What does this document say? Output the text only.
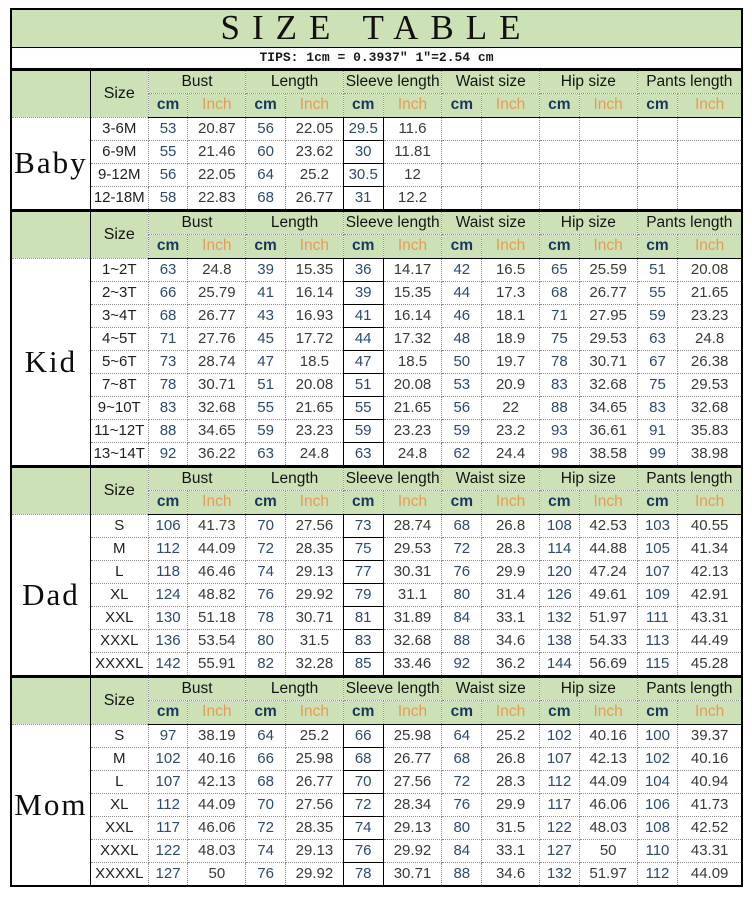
SIZE TABLE													
TIPS: 1cm = 0.3937″ 1″=2.54 cm													
	Size	Bust		Length		Sleeve length		Waist size		Hip size		Pants length	
		cm	Inch	cm	Inch	cm	Inch	cm	Inch	cm	Inch	cm	Inch
Baby	3-6M	53	20.87	56	22.05	29.5	11.6						
	6-9M	55	21.46	60	23.62	30	11.81						
	9-12M	56	22.05	64	25.2	30.5	12						
	12-18M	58	22.83	68	26.77	31	12.2						
	Size	Bust		Length		Sleeve length		Waist size		Hip size		Pants length	
		cm	Inch	cm	Inch	cm	Inch	cm	Inch	cm	Inch	cm	Inch
Kid	1~2T	63	24.8	39	15.35	36	14.17	42	16.5	65	25.59	51	20.08
	2~3T	66	25.79	41	16.14	39	15.35	44	17.3	68	26.77	55	21.65
	3~4T	68	26.77	43	16.93	41	16.14	46	18.1	71	27.95	59	23.23
	4~5T	71	27.76	45	17.72	44	17.32	48	18.9	75	29.53	63	24.8
	5~6T	73	28.74	47	18.5	47	18.5	50	19.7	78	30.71	67	26.38
	7~8T	78	30.71	51	20.08	51	20.08	53	20.9	83	32.68	75	29.53
	9~10T	83	32.68	55	21.65	55	21.65	56	22	88	34.65	83	32.68
	11~12T	88	34.65	59	23.23	59	23.23	59	23.2	93	36.61	91	35.83
	13~14T	92	36.22	63	24.8	63	24.8	62	24.4	98	38.58	99	38.98
	Size	Bust		Length		Sleeve length		Waist size		Hip size		Pants length	
		cm	Inch	cm	Inch	cm	Inch	cm	Inch	cm	Inch	cm	Inch
Dad	S	106	41.73	70	27.56	73	28.74	68	26.8	108	42.53	103	40.55
	M	112	44.09	72	28.35	75	29.53	72	28.3	114	44.88	105	41.34
	L	118	46.46	74	29.13	77	30.31	76	29.9	120	47.24	107	42.13
	XL	124	48.82	76	29.92	79	31.1	80	31.4	126	49.61	109	42.91
	XXL	130	51.18	78	30.71	81	31.89	84	33.1	132	51.97	111	43.31
	XXXL	136	53.54	80	31.5	83	32.68	88	34.6	138	54.33	113	44.49
	XXXXL	142	55.91	82	32.28	85	33.46	92	36.2	144	56.69	115	45.28
	Size	Bust		Length		Sleeve length		Waist size		Hip size		Pants length	
		cm	Inch	cm	Inch	cm	Inch	cm	Inch	cm	Inch	cm	Inch
Mom	S	97	38.19	64	25.2	66	25.98	64	25.2	102	40.16	100	39.37
	M	102	40.16	66	25.98	68	26.77	68	26.8	107	42.13	102	40.16
	L	107	42.13	68	26.77	70	27.56	72	28.3	112	44.09	104	40.94
	XL	112	44.09	70	27.56	72	28.34	76	29.9	117	46.06	106	41.73
	XXL	117	46.06	72	28.35	74	29.13	80	31.5	122	48.03	108	42.52
	XXXL	122	48.03	74	29.13	76	29.92	84	33.1	127	50	110	43.31
	XXXXL	127	50	76	29.92	78	30.71	88	34.6	132	51.97	112	44.09
